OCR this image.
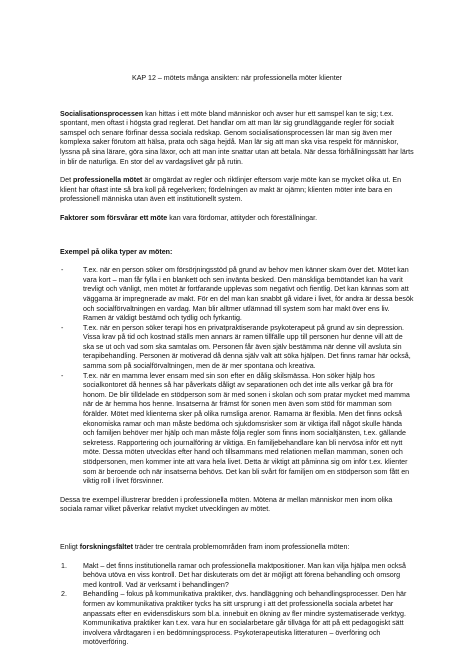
KAP 12 – mötets många ansikten: när professionella möter klienter

Socialisationsprocessen kan hittas i ett möte bland människor och avser hur ett samspel kan te sig; t.ex. spontant, men oftast i högsta grad reglerat. Det handlar om att man lär sig grundläggande regler för socialt samspel och senare förfinar dessa sociala redskap. Genom socialisationsprocessen lär man sig även mer komplexa saker förutom att hälsa, prata och säga hejdå. Man lär sig att man ska visa respekt för människor, lyssna på sina lärare, göra sina läxor, och att man inte snattar utan att betala. När dessa förhållningssätt har lärts in blir de naturliga. En stor del av vardagslivet går på rutin.

Det professionella mötet är omgärdat av regler och riktlinjer eftersom varje möte kan se mycket olika ut. En klient har oftast inte så bra koll på regelverken; fördelningen av makt är ojämn; klienten möter inte bara en professionell människa utan även ett institutionellt system.

Faktorer som försvårar ett möte kan vara fördomar, attityder och föreställningar.

Exempel på olika typer av möten:

-	T.ex. när en person söker om försörjningsstöd på grund av behov men känner skam över det. Mötet kan vara kort – man får fylla i en blankett och sen invänta besked. Den mänskliga bemötandet kan ha varit trevligt och vänligt, men mötet är fortfarande upplevas som negativt och fientlig. Det kan kännas som att väggarna är impregnerade av makt. För en del man kan snabbt gå vidare i livet, för andra är dessa besök och socialförvaltningen en vardag. Man blir alltmer utlämnad till system som har makt över ens liv. Ramen är väldigt bestämd och tydlig och fyrkantig.
-	T.ex. när en person söker terapi hos en privatpraktiserande psykoterapeut på grund av sin depression. Vissa krav på tid och kostnad ställs men annars är ramen tillfälle upp till personen hur denne vill att de ska se ut och vad som ska samtalas om. Personen får även själv bestämma när denne vill avsluta sin terapibehandling. Personen är motiverad då denna själv valt att söka hjälpen. Det finns ramar här också, samma som på socialförvaltningen, men de är mer spontana och kreativa.
-	T.ex. när en mamma lever ensam med sin son efter en dålig skilsmässa. Hon söker hjälp hos socialkontoret då hennes så har påverkats dåligt av separationen och det inte alls verkar gå bra för honom. De blir tilldelade en stödperson som är med sonen i skolan och som pratar mycket med mamma när de är hemma hos henne. Insatserna är främst för sonen men även som stöd för mamman som förälder. Mötet med klienterna sker på olika rumsliga arenor. Ramarna är flexibla. Men det finns också ekonomiska ramar och man måste bedöma och sjukdomsrisker som är viktiga ifall något skulle hända och familjen behöver mer hjälp och man måste följa regler som finns inom socialtjänsten, t.ex. gällande sekretess. Rapportering och journalföring är viktiga. En familjebehandlare kan bli nervösa inför ett nytt möte. Dessa möten utvecklas efter hand och tillsammans med relationen mellan mamman, sonen och stödpersonen, men kommer inte att vara hela livet. Detta är viktigt att påminna sig om inför t.ex. klienter som är beroende och när insatserna behövs. Det kan bli svårt för familjen om en stödperson som fått en viktig roll i livet försvinner.

Dessa tre exempel illustrerar bredden i professionella möten. Mötena är mellan människor men inom olika sociala ramar vilket påverkar relativt mycket utvecklingen av mötet.

Enligt forskningsfältet träder tre centrala problemområden fram inom professionella möten:

1. Makt – det finns institutionella ramar och professionella maktpositioner. Man kan vilja hjälpa men också behöva utöva en viss kontroll. Det har diskuterats om det är möjligt att förena behandling och omsorg med kontroll. Vad är verksamt i behandlingen?
2. Behandling – fokus på kommunikativa praktiker, dvs. handläggning och behandlingsprocesser. Den här formen av kommunikativa praktiker tycks ha sitt ursprung i att det professionella sociala arbetet har anpassats efter en evidensdiskurs som bl.a. innebuit en ökning av fler mindre systematiserade verktyg. Kommunikativa praktiker kan t.ex. vara hur en socialarbetare går tillväga för att på ett pedagogiskt sätt involvera vårdtagaren i en bedömningsprocess. Psykoterapeutiska litteraturen – överföring och motöverföring.
